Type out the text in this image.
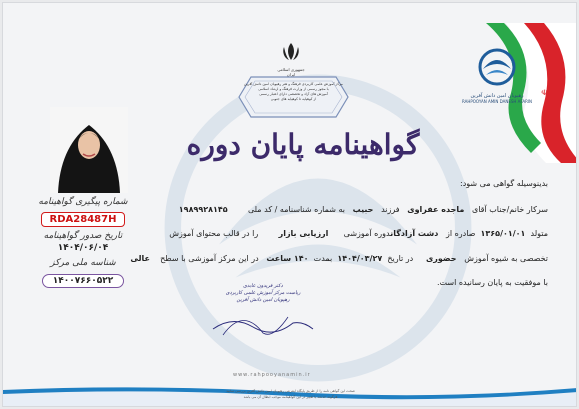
☫
رهپویان امین دانش آفرین
RAHPOOYAN AMIN DANESH AFARIN
جمهوری اسلامی ایران
مرکز آموزش علمی کاربردی فرهنگ و هنر رهپویان امین دانش آفرین
با مجوز رسمی از وزارت فرهنگ و ارشاد اسلامی
آموزش های آزاد و تخصصی دارای اعتبار رسمی
از کوهپایه تا کوهپایه های جنوبی
گواهینامه پایان دوره
شماره پیگیری گواهینامه
RDA28487H
تاریخ صدور گواهینامه
۱۴۰۴/۰۶/۰۴
شناسه ملی مرکز
۱۴۰۰۷۶۶۰۵۲۲
بدینوسیله گواهی می شود:
سرکار خانم/جناب آقای   ماجده عفراوی   فرزند   حبیب   به شماره شناسنامه / کد ملی        ۱۹۸۹۹۲۸۱۴۵
متولد  ۱۳۶۵/۰۱/۰۱  صادره از   دشت آزادگاندوره آموزشی      ارزیابی بازار        را در قالب محتوای آموزش
تخصصی به شیوه آموزش   حضوری     در تاریخ  ۱۴۰۴/۰۳/۲۷  بمدت  ۱۴۰ ساعت   در این مرکز آموزشی با سطح    عالی
با موفقیت به پایان رسانیده است.
دکتر فریدون عابدی
ریاست مرکز آموزش علمی کاربردی
رهپویان امین دانش آفرین
www.rahpooyanamin.ir
صحت این گواهی نامه را از طریق پایگاه اینترنتی رهپویان امین دانش آفرین بررسی نمایید
هرگونه خدشه یا تغییر در این گواهینامه موجب ابطال آن می باشد
